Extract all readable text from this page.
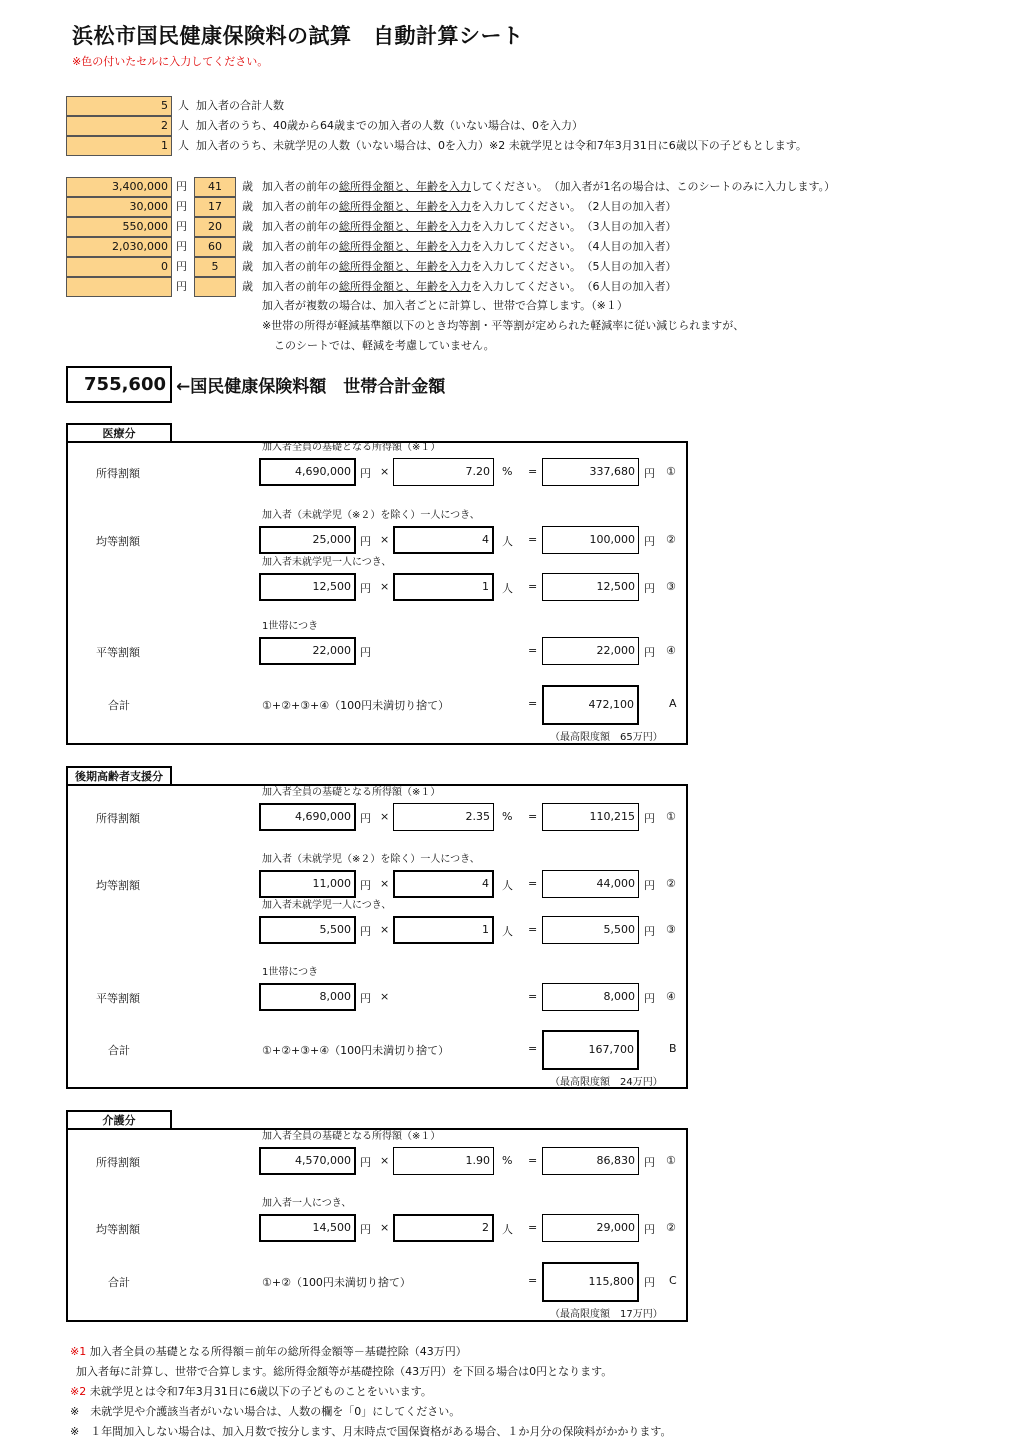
浜松市国民健康保険料の試算　自動計算シート
※色の付いたセルに入力してください。
5 人 加入者の合計人数
2 人 加入者のうち、40歳から64歳までの加入者の人数（いない場合は、0を入力）
1 人 加入者のうち、未就学児の人数（いない場合は、0を入力）※2 未就学児とは令和7年3月31日に6歳以下の子どもとします。
3,400,000 円	41	歳 加入者の前年の総所得金額と、年齢を入力してください。 （加入者が1名の場合は、このシートのみに入力します。）
30,000 円	17	歳 加入者の前年の総所得金額と、年齢を入力を入力してください。 （2人目の加入者）
550,000 円	20	歳 加入者の前年の総所得金額と、年齢を入力を入力してください。 （3人目の加入者）
2,030,000 円	60	歳 加入者の前年の総所得金額と、年齢を入力を入力してください。 （4人目の加入者）
0 円	5	歳 加入者の前年の総所得金額と、年齢を入力を入力してください。 （5人目の加入者）
円	歳 加入者の前年の総所得金額と、年齢を入力を入力してください。 （6人目の加入者）
加入者が複数の場合は、加入者ごとに計算し、世帯で合算します。（※１）
※世帯の所得が軽減基準額以下のとき均等割・平等割が定められた軽減率に従い減じられますが、
このシートでは、軽減を考慮していません。
755,600 ←国民健康保険料額　世帯合計金額
医療分
加入者全員の基礎となる所得額（※１）
所得割額	4,690,000 円 ×	7.20	% =	337,680 円 ①
加入者（未就学児（※２）を除く）一人につき、
均等割額	25,000 円 ×	4	人 =	100,000 円 ②
加入者未就学児一人につき、
12,500 円 ×	1	人 =	12,500 円 ③
1世帯につき
平等割額	22,000 円	=	22,000 円 ④
合計	①+②+③+④（100円未満切り捨て）	=	472,100	A
（最高限度額　65万円）
後期高齢者支援分
加入者全員の基礎となる所得額（※１）
所得割額	4,690,000 円 ×	2.35	% =	110,215 円 ①
加入者（未就学児（※２）を除く）一人につき、
均等割額	11,000 円 ×	4	人 =	44,000 円 ②
加入者未就学児一人につき、
5,500 円 ×	1	人 =	5,500 円 ③
1世帯につき
平等割額	8,000 円 ×	=	8,000 円 ④
合計	①+②+③+④（100円未満切り捨て）	=	167,700	B
（最高限度額　24万円）
介護分
加入者全員の基礎となる所得額（※１）
所得割額	4,570,000 円 ×	1.90	% =	86,830 円 ①
加入者一人につき、
均等割額	14,500 円 ×	2	人 =	29,000 円 ②
合計	①+②（100円未満切り捨て）	=	115,800 円 C
（最高限度額　17万円）
※1 加入者全員の基礎となる所得額＝前年の総所得金額等－基礎控除（43万円）
加入者毎に計算し、世帯で合算します。総所得金額等が基礎控除（43万円）を下回る場合は0円となります。
※2 未就学児とは令和7年3月31日に6歳以下の子どものことをいいます。
※　未就学児や介護該当者がいない場合は、人数の欄を「0」にしてください。
※　１年間加入しない場合は、加入月数で按分します、月末時点で国保資格がある場合、１か月分の保険料がかかります。
